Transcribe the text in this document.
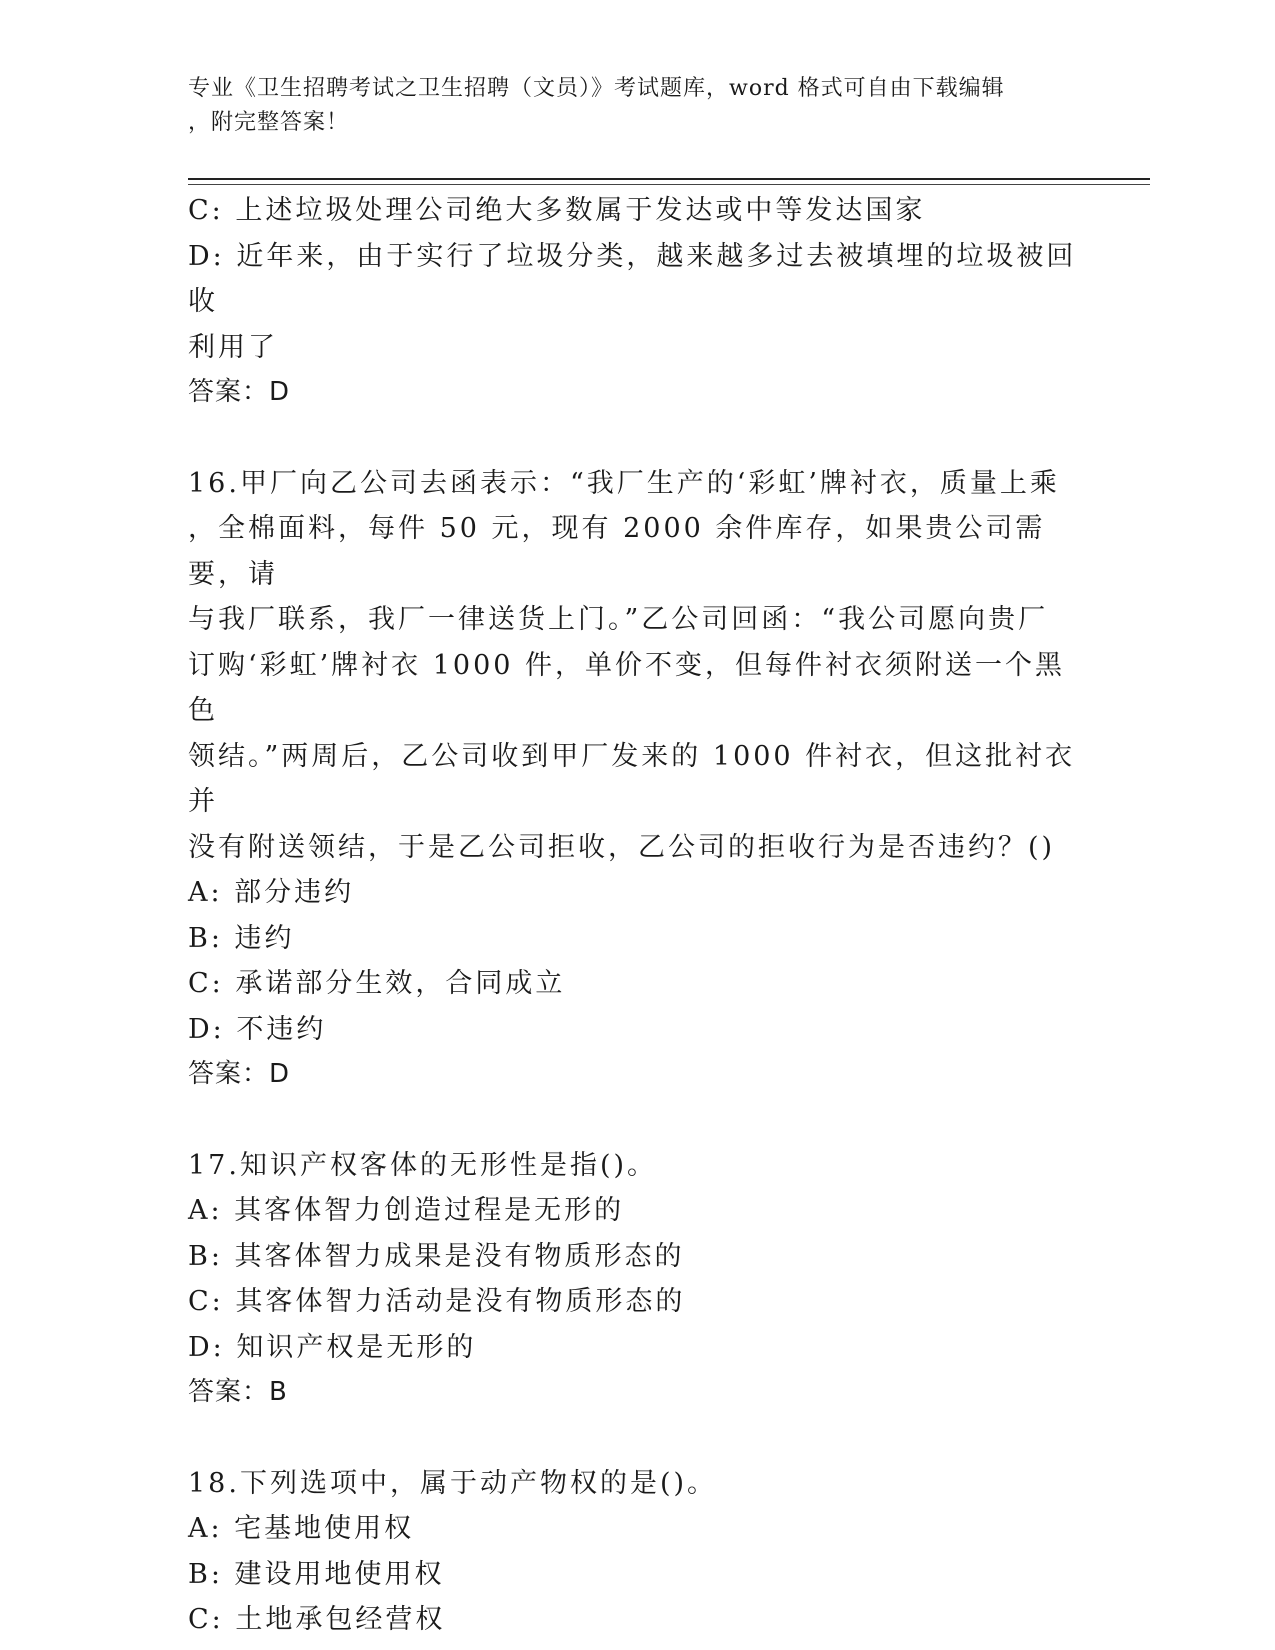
专业《卫生招聘考试之卫生招聘（文员）》考试题库，word 格式可自由下载编辑
，附完整答案！
C: 上述垃圾处理公司绝大多数属于发达或中等发达国家
D: 近年来，由于实行了垃圾分类，越来越多过去被填埋的垃圾被回收
利用了
答案：D
16.甲厂向乙公司去函表示：“我厂生产的‘彩虹’牌衬衣，质量上乘
，全棉面料，每件 50 元，现有 2000 余件库存，如果贵公司需要，请
与我厂联系，我厂一律送货上门。”乙公司回函：“我公司愿向贵厂
订购‘彩虹’牌衬衣 1000 件，单价不变，但每件衬衣须附送一个黑色
领结。”两周后，乙公司收到甲厂发来的 1000 件衬衣，但这批衬衣并
没有附送领结，于是乙公司拒收，乙公司的拒收行为是否违约？()
A: 部分违约
B: 违约
C: 承诺部分生效，合同成立
D: 不违约
答案：D
17.知识产权客体的无形性是指()。
A: 其客体智力创造过程是无形的
B: 其客体智力成果是没有物质形态的
C: 其客体智力活动是没有物质形态的
D: 知识产权是无形的
答案：B
18.下列选项中，属于动产物权的是()。
A: 宅基地使用权
B: 建设用地使用权
C: 土地承包经营权
